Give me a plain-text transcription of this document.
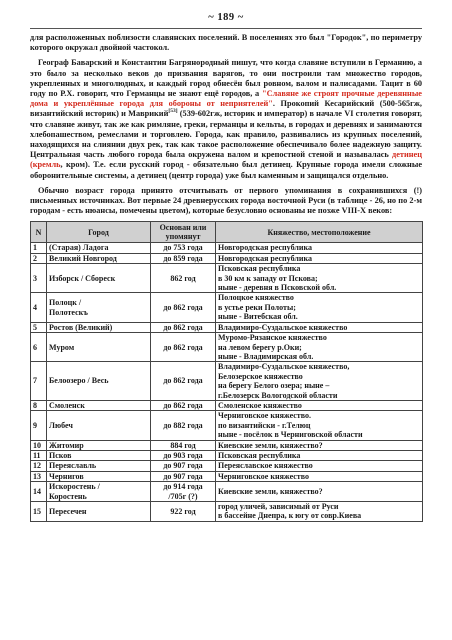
~ 189 ~

для расположенных поблизости славянских поселений. В поселениях это был "Городок", по периметру которого окружал двойной частокол.

Географ Баварский и Константин Багрянородный пишут, что когда славяне вступили в Германию, а это было за несколько веков до призвания варягов, то они построили там множество городов, укрепленных и многолюдных, и каждый город обнесён был ровном, валом и палисадами. Тацит в 60 году по Р.Х. говорит, что Германцы не знают ещё городов, а "Славяне же строят прочные деревянные дома и укреплённые города для обороны от неприятелей". Прокопий Кесарийский (500-565гж, византийский историк) и Маврикий[53] (539-602гж, историк и император) в начале VI столетия говорят, что славяне живут, так же как римляне, греки, германцы и кельты, в городах и деревнях и занимаются хлебопашеством, ремеслами и торговлею. Города, как правило, развивались из крупных поселений, находящихся на слиянии двух рек, так как такое расположение обеспечивало более надежную защиту. Центральная часть любого города была окружена валом и крепостной стеной и называлась детинец (кремль, кром). Т.е. если русский город - обязательно был детинец. Крупные города имели сложные оборонительные системы, а детинец (центр города) уже был каменным и защищался отдельно.

Обычно возраст города принято отсчитывать от первого упоминания в сохранившихся (!) письменных источниках. Вот первые 24 древнерусских города восточной Руси (в таблице - 26, но по 2-м городам - есть нюансы, помечены цветом), которые безусловно основаны не позже VIII-Х веков:

N	Город	Основан или упомянут	Княжество, местоположение

1	(Старая) Ладога	до 753 года	Новгородская республика

2	Великий Новгород	до 859 года	Новгородская республика

3	Изборск / Сбореск	862 год	Псковская республика
в 30 км к западу от Пскова;
ныне - деревня в Псковской обл.

4	Полоцк /
Полотескъ	до 862 года	Полоцкое княжество
в устье реки Полоты;
ныне - Витебская обл.

5	Ростов (Великий)	до 862 года	Владимиро-Суздальское княжество

6	Муром	до 862 года	Муромо-Рязанское княжество
на левом берегу р.Оки;
ныне - Владимирская обл.

7	Белоозеро / Весь	до 862 года	Владимиро-Суздальское княжество,
Белозерское княжество
на берегу Белого озера; ныне –
г.Белозерск Вологодской области

8	Смоленск	до 862 года	Смоленское княжество

9	Любеч	до 882 года	Черниговское княжество.
по византийски - г.Телюц
ныне - посёлок в Черниговской области

10	Житомир	884 год	Киевские земли, княжество?

11	Псков	до 903 года	Псковская республика

12	Переяславль	до 907 года	Переяславское княжество

13	Чернигов	до 907 года	Черниговское княжество

14	Искоростень /
Коростень	до 914 года
/705г (?)	Киевские земли, княжество?

15	Пересечен	922 год	город уличей, зависимый от Руси
в бассейне Днепра, к югу от совр.Киева
